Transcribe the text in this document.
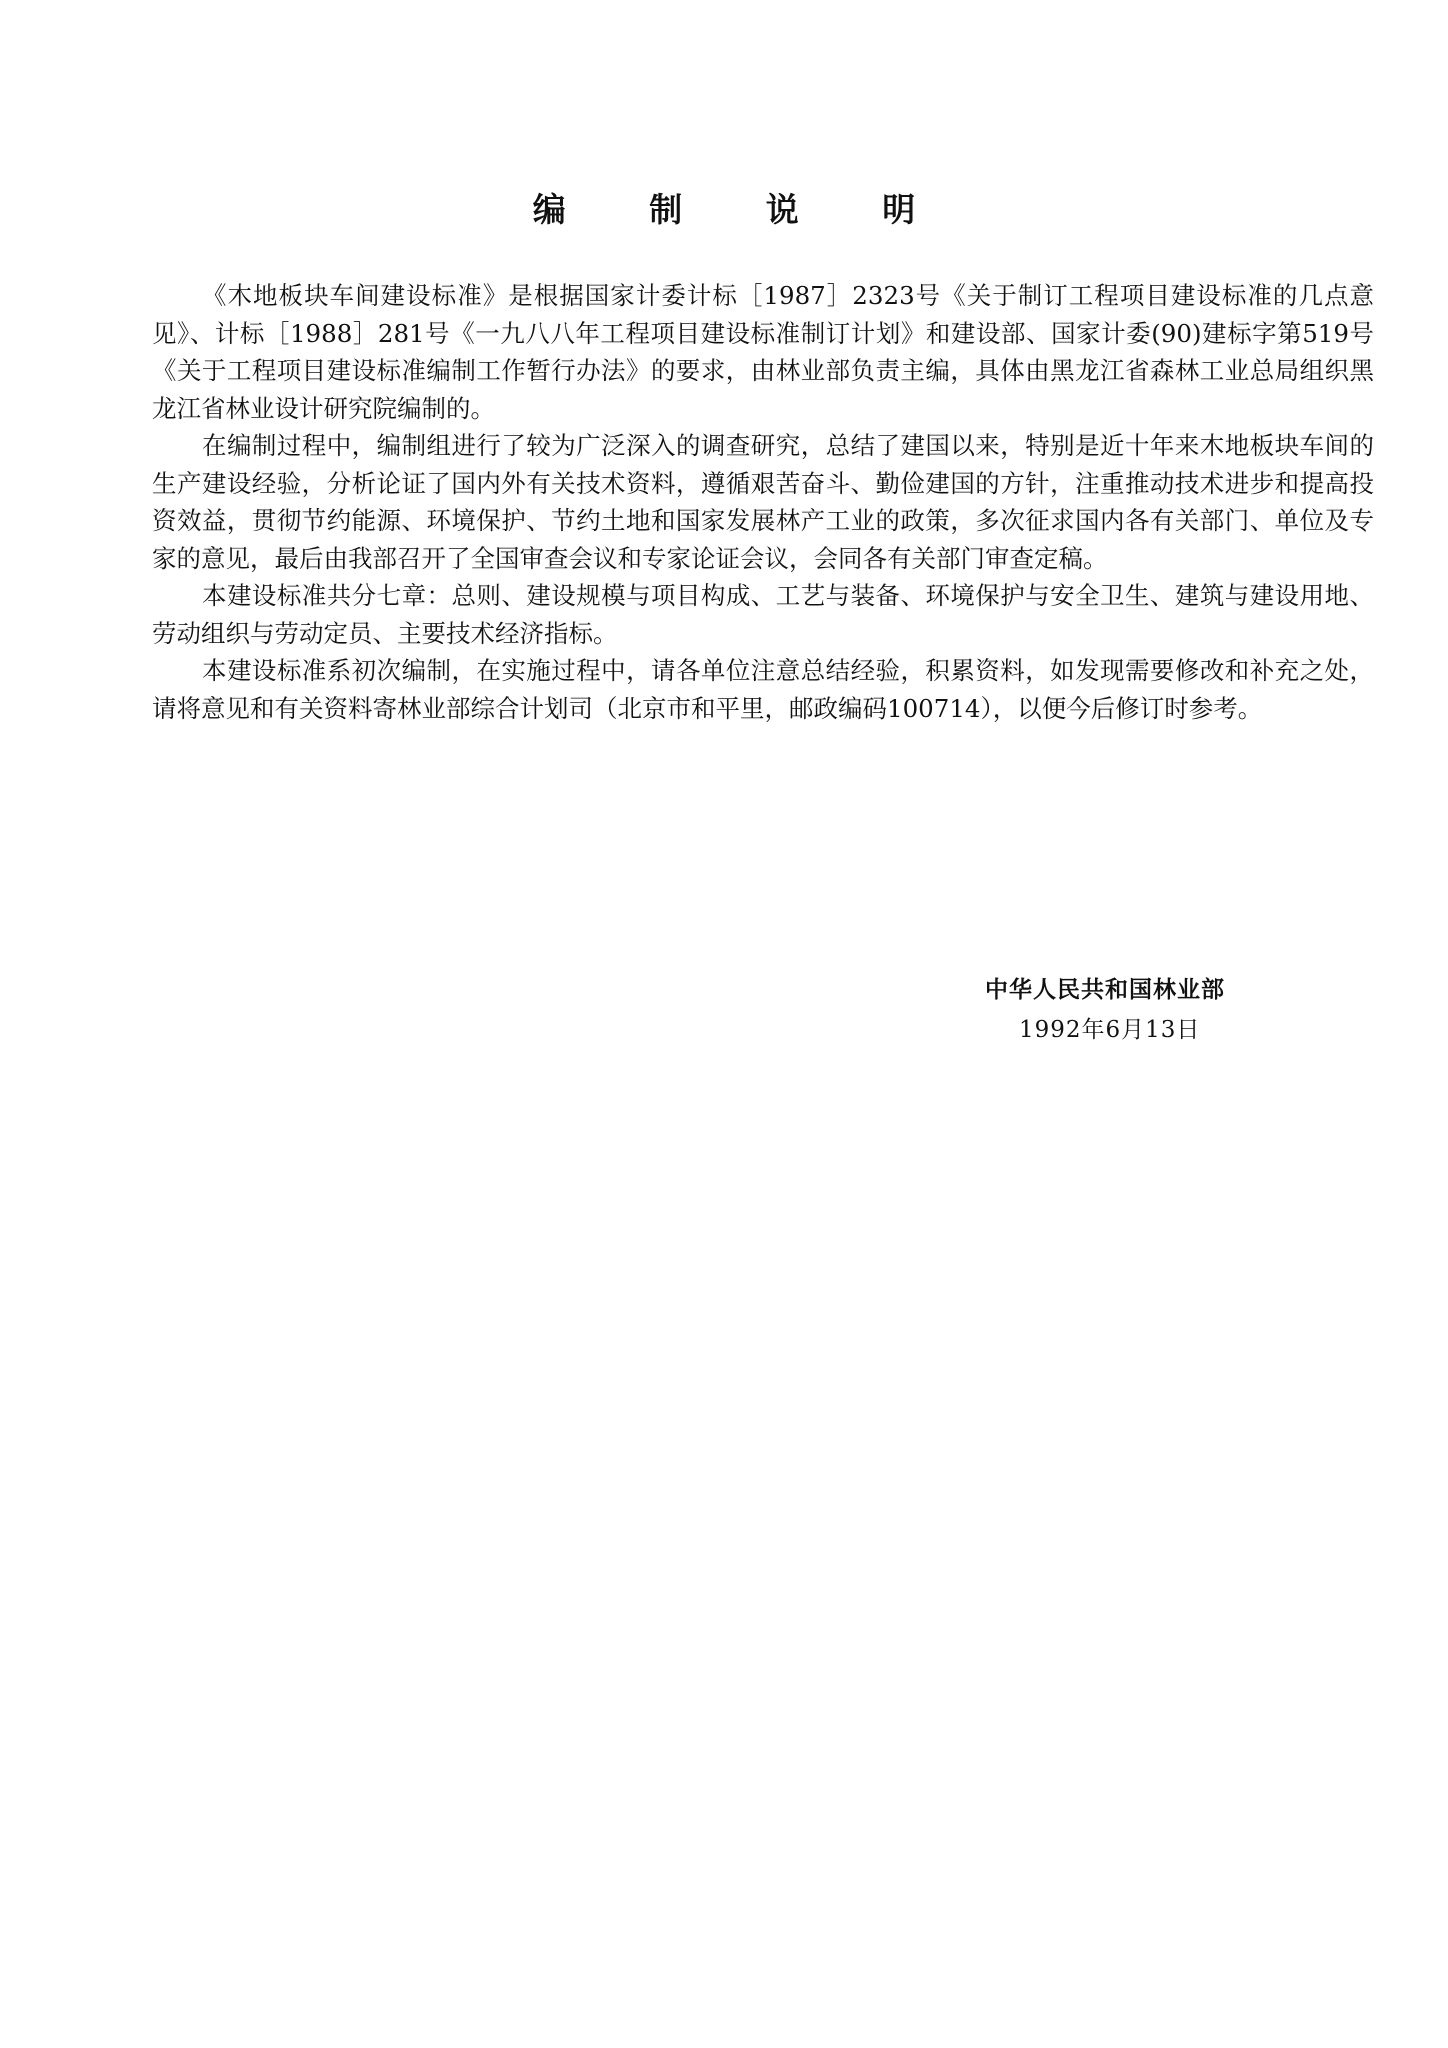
编 制 说 明

《木地板块车间建设标准》是根据国家计委计标［1987］2323号《关于制订工程项目建设标准的几点意见》、计标［1988］281号《一九八八年工程项目建设标准制订计划》和建设部、国家计委(90)建标字第519号《关于工程项目建设标准编制工作暂行办法》的要求，由林业部负责主编，具体由黑龙江省森林工业总局组织黑龙江省林业设计研究院编制的。

在编制过程中，编制组进行了较为广泛深入的调查研究，总结了建国以来，特别是近十年来木地板块车间的生产建设经验，分析论证了国内外有关技术资料，遵循艰苦奋斗、勤俭建国的方针，注重推动技术进步和提高投资效益，贯彻节约能源、环境保护、节约土地和国家发展林产工业的政策，多次征求国内各有关部门、单位及专家的意见，最后由我部召开了全国审查会议和专家论证会议，会同各有关部门审查定稿。

本建设标准共分七章：总则、建设规模与项目构成、工艺与装备、环境保护与安全卫生、建筑与建设用地、劳动组织与劳动定员、主要技术经济指标。

本建设标准系初次编制，在实施过程中，请各单位注意总结经验，积累资料，如发现需要修改和补充之处，请将意见和有关资料寄林业部综合计划司（北京市和平里，邮政编码100714），以便今后修订时参考。

中华人民共和国林业部
1992年6月13日
